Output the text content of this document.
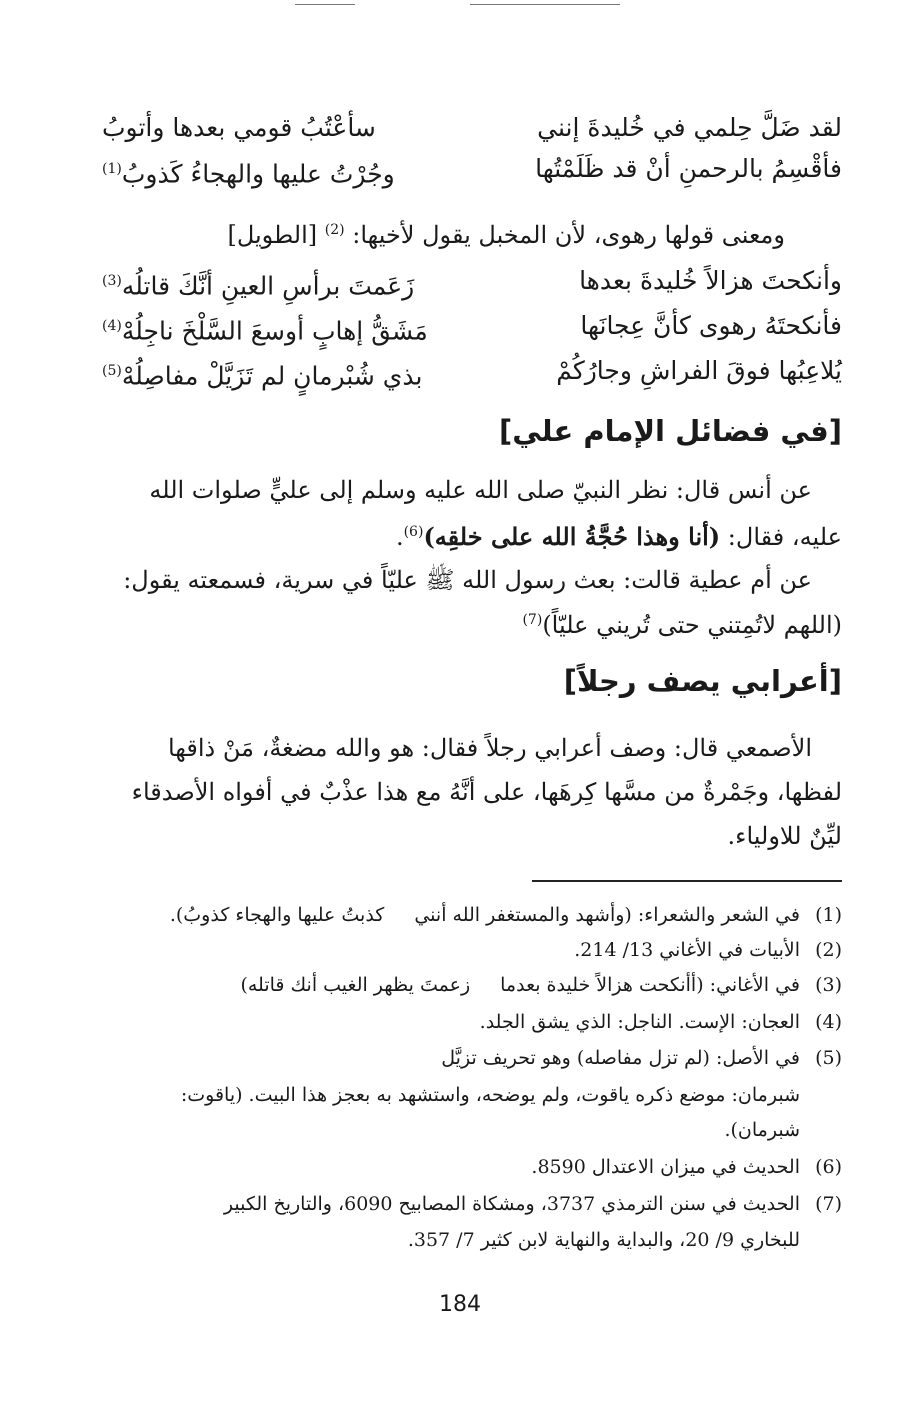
لقد ضَلَّ حِلمي في خُليدةَ إنني
سأعْتُبُ قومي بعدها وأتوبُ
فأقْسِمُ بالرحمنِ أنْ قد ظَلَمْتُها
وجُرْتُ عليها والهجاءُ كَذوبُ$^{(1)}$
ومعنى قولها رهوى، لأن المخبل يقول لأخيها: $^{(2)}$ [الطويل]
وأنكحتَ هزالاً خُليدةَ بعدها
زَعَمتَ برأسِ العينِ أنَّكَ قاتلُه$^{(3)}$
فأنكحتَهُ رهوى كأنَّ عِجانَها
مَشَقُّ إهابٍ أوسعَ السَّلْخَ ناجِلُهْ$^{(4)}$
يُلاعِبُها فوقَ الفراشِ وجارُكُمْ
بذي شُبْرمانٍ لم تَزَيَّلْ مفاصِلُهْ$^{(5)}$
[في فضائل الإمام علي]
عن أنس قال: نظر النبيّ صلى الله عليه وسلم إلى عليٍّ صلوات الله
عليه، فقال: (أنا وهذا حُجَّةُ الله على خلقِه)$^{(6)}$.
عن أم عطية قالت: بعث رسول الله ﷺ عليّاً في سرية، فسمعته يقول:
(اللهم لاتُمِتني حتى تُريني عليّاً)$^{(7)}$
[أعرابي يصف رجلاً]
الأصمعي قال: وصف أعرابي رجلاً فقال: هو والله مضغةٌ، مَنْ ذاقها
لفظها، وجَمْرةٌ من مسَّها كِرهَها، على أنَّهُ مع هذا عذْبٌ في أفواه الأصدقاء
ليِّنٌ للاولياء.
(1)في الشعر والشعراء: (وأشهد والمستغفر الله أننيكذبتُ عليها والهجاء كذوبُ).
(2)الأبيات في الأغاني 13/ 214.
(3)في الأغاني: (أأنكحت هزالاً خليدة بعدمازعمتَ يظهر الغيب أنك قاتله)
(4)العجان: الإست. الناجل: الذي يشق الجلد.
(5)في الأصل: (لم تزل مفاصله) وهو تحريف تزيَّل
شبرمان: موضع ذكره ياقوت، ولم يوضحه، واستشهد به بعجز هذا البيت. (ياقوت:
شبرمان).
(6)الحديث في ميزان الاعتدال 8590.
(7)الحديث في سنن الترمذي 3737، ومشكاة المصابيح 6090، والتاريخ الكبير
للبخاري 9/ 20، والبداية والنهاية لابن كثير 7/ 357.
184
